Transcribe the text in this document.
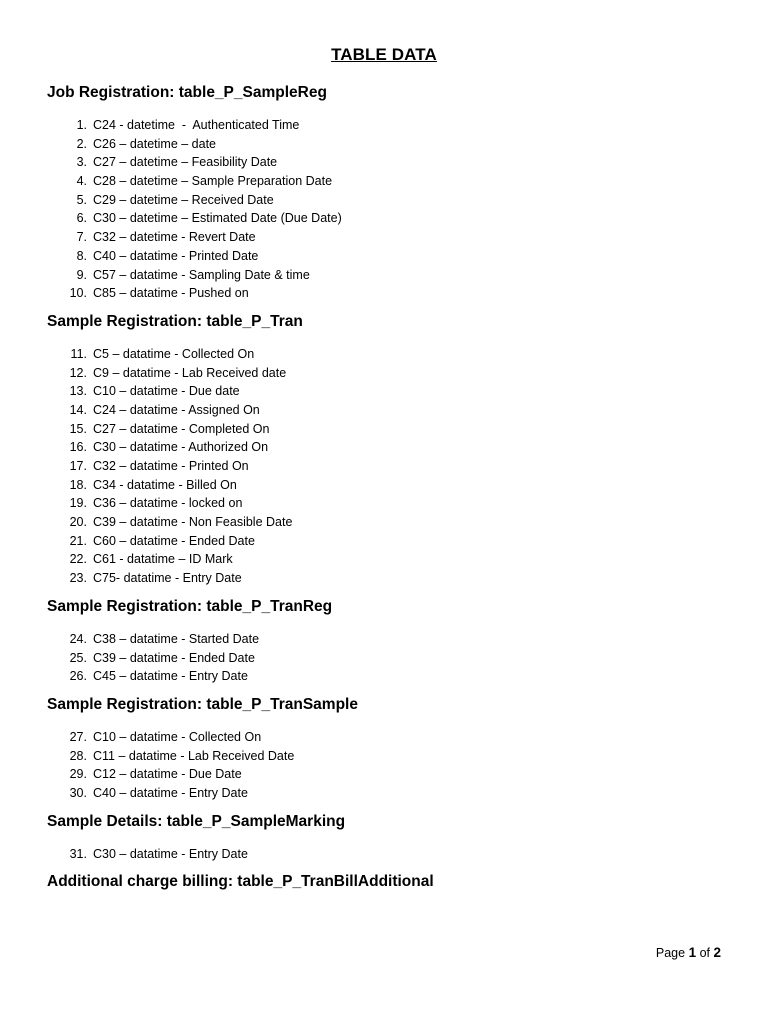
TABLE DATA
Job Registration: table_P_SampleReg
1. C24 - datetime  -  Authenticated Time
2. C26 – datetime – date
3. C27 – datetime – Feasibility Date
4. C28 – datetime – Sample Preparation Date
5. C29 – datetime – Received Date
6. C30 – datetime – Estimated Date (Due Date)
7. C32 – datetime - Revert Date
8. C40 – datatime - Printed Date
9. C57 – datatime - Sampling Date & time
10. C85 – datatime - Pushed on
Sample Registration: table_P_Tran
11. C5 – datatime - Collected On
12. C9 – datatime - Lab Received date
13. C10 – datatime - Due date
14. C24 – datatime - Assigned On
15. C27 – datatime - Completed On
16. C30 – datatime - Authorized On
17. C32 – datatime - Printed On
18. C34 - datatime - Billed On
19. C36 – datatime - locked on
20. C39 – datatime - Non Feasible Date
21. C60 – datatime - Ended Date
22. C61 - datatime – ID Mark
23. C75- datatime - Entry Date
Sample Registration: table_P_TranReg
24. C38 – datatime - Started Date
25. C39 – datatime - Ended Date
26. C45 – datatime - Entry Date
Sample Registration: table_P_TranSample
27. C10 – datatime - Collected On
28. C11 – datatime - Lab Received Date
29. C12 – datatime - Due Date
30. C40 – datatime - Entry Date
Sample Details: table_P_SampleMarking
31. C30 – datatime - Entry Date
Additional charge billing: table_P_TranBillAdditional
Page 1 of 2
